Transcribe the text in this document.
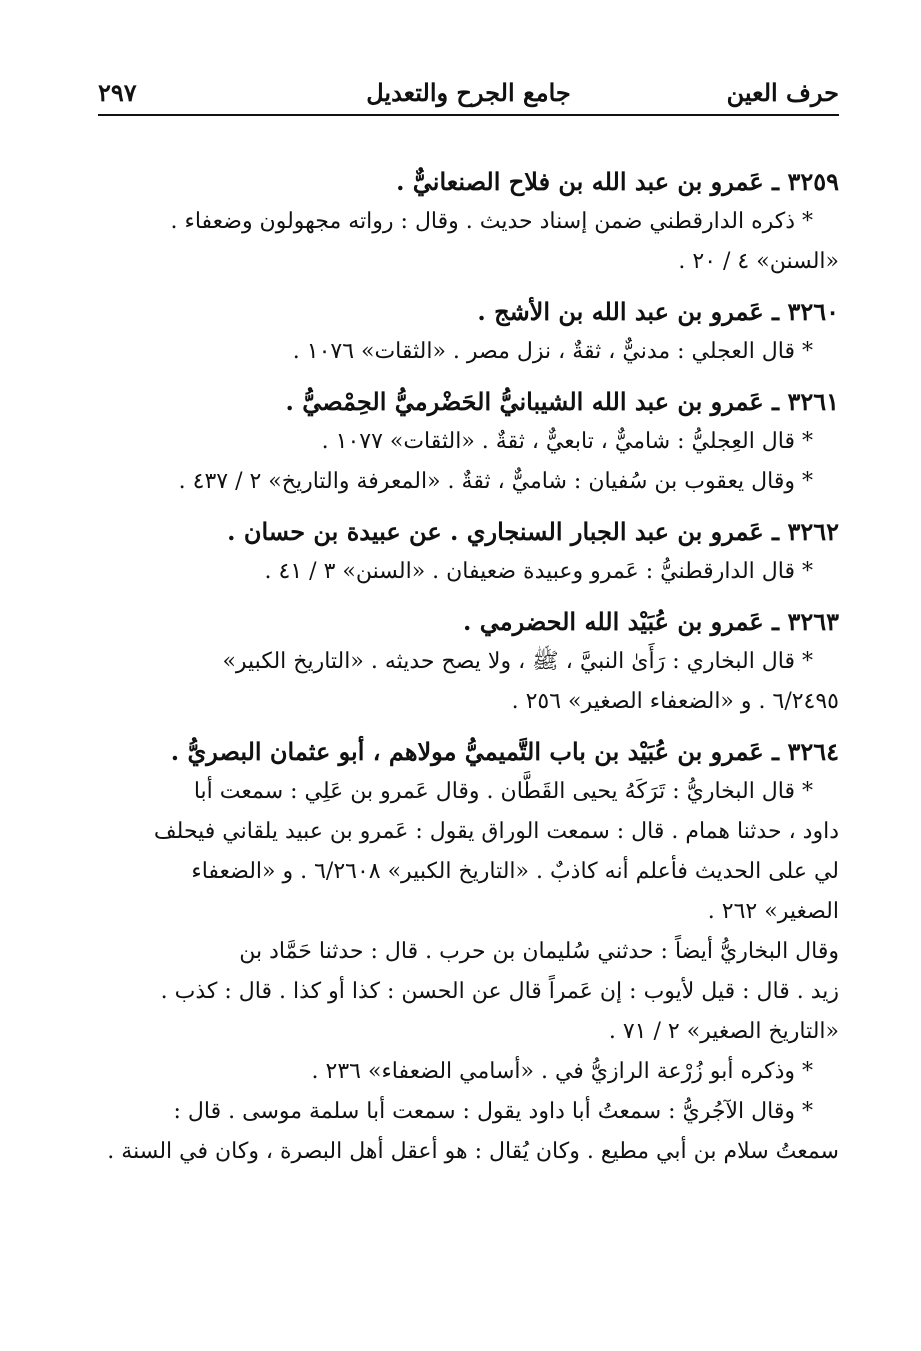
حرف العين
جامع الجرح والتعديل
٢٩٧
٣٢٥٩ ـ عَمرو بن عبد الله بن فلاح الصنعانيٌّ .
* ذكره الدارقطني ضمن إسناد حديث . وقال : رواته مجهولون وضعفاء .
«السنن» ٤ / ٢٠ .
٣٢٦٠ ـ عَمرو بن عبد الله بن الأشج .
* قال العجلي : مدنيٌّ ، ثقةٌ ، نزل مصر . «الثقات» ١٠٧٦ .
٣٢٦١ ـ عَمرو بن عبد الله الشيبانيُّ الحَضْرميُّ الحِمْصيُّ .
* قال العِجليُّ : شاميٌّ ، تابعيٌّ ، ثقةٌ . «الثقات» ١٠٧٧ .
* وقال يعقوب بن سُفيان : شاميٌّ ، ثقةٌ . «المعرفة والتاريخ» ٢ / ٤٣٧ .
٣٢٦٢ ـ عَمرو بن عبد الجبار السنجاري . عن عبيدة بن حسان .
* قال الدارقطنيُّ : عَمرو وعبيدة ضعيفان . «السنن» ٣ / ٤١ .
٣٢٦٣ ـ عَمرو بن عُبَيْد الله الحضرمي .
* قال البخاري : رَأَىٰ النبيَّ ، ﷺ ، ولا يصح حديثه . «التاريخ الكبير»
٦/٢٤٩٥ . و «الضعفاء الصغير» ٢٥٦ .
٣٢٦٤ ـ عَمرو بن عُبَيْد بن باب التَّميميُّ مولاهم ، أبو عثمان البصريُّ .
* قال البخاريُّ : تَرَكَهُ يحيى القَطَّان . وقال عَمرو بن عَلِي : سمعت أبا
داود ، حدثنا همام . قال : سمعت الوراق يقول : عَمرو بن عبيد يلقاني فيحلف
لي على الحديث فأعلم أنه كاذبٌ . «التاريخ الكبير» ٦/٢٦٠٨ . و «الضعفاء
الصغير» ٢٦٢ .
وقال البخاريُّ أيضاً : حدثني سُليمان بن حرب . قال : حدثنا حَمَّاد بن
زيد . قال : قيل لأيوب : إن عَمراً قال عن الحسن : كذا أو كذا . قال : كذب .
«التاريخ الصغير» ٢ / ٧١ .
* وذكره أبو زُرْعة الرازيُّ في . «أسامي الضعفاء» ٢٣٦ .
* وقال الآجُريُّ : سمعتُ أبا داود يقول : سمعت أبا سلمة موسى . قال :
سمعتُ سلام بن أبي مطيع . وكان يُقال : هو أعقل أهل البصرة ، وكان في السنة .
